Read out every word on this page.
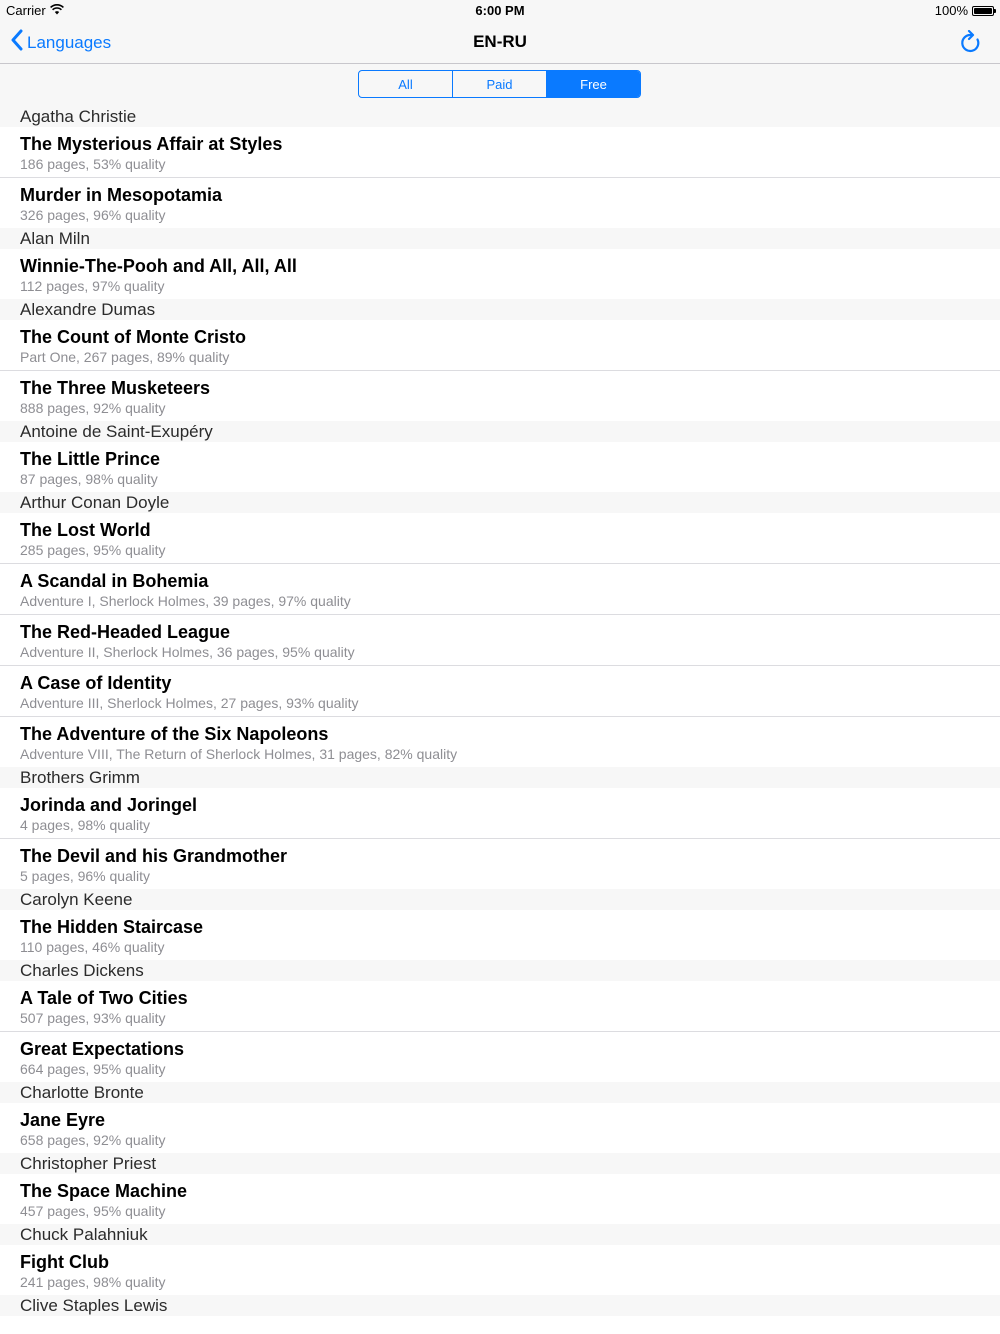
Carrier	6:00 PM	100%
Languages	EN-RU
All	Paid	Free
Agatha Christie
The Mysterious Affair at Styles
186 pages, 53% quality
Murder in Mesopotamia
326 pages, 96% quality
Alan Miln
Winnie-The-Pooh and All, All, All
112 pages, 97% quality
Alexandre Dumas
The Count of Monte Cristo
Part One, 267 pages, 89% quality
The Three Musketeers
888 pages, 92% quality
Antoine de Saint-Exupéry
The Little Prince
87 pages, 98% quality
Arthur Conan Doyle
The Lost World
285 pages, 95% quality
A Scandal in Bohemia
Adventure I, Sherlock Holmes, 39 pages, 97% quality
The Red-Headed League
Adventure II, Sherlock Holmes, 36 pages, 95% quality
A Case of Identity
Adventure III, Sherlock Holmes, 27 pages, 93% quality
The Adventure of the Six Napoleons
Adventure VIII, The Return of Sherlock Holmes, 31 pages, 82% quality
Brothers Grimm
Jorinda and Joringel
4 pages, 98% quality
The Devil and his Grandmother
5 pages, 96% quality
Carolyn Keene
The Hidden Staircase
110 pages, 46% quality
Charles Dickens
A Tale of Two Cities
507 pages, 93% quality
Great Expectations
664 pages, 95% quality
Charlotte Bronte
Jane Eyre
658 pages, 92% quality
Christopher Priest
The Space Machine
457 pages, 95% quality
Chuck Palahniuk
Fight Club
241 pages, 98% quality
Clive Staples Lewis
